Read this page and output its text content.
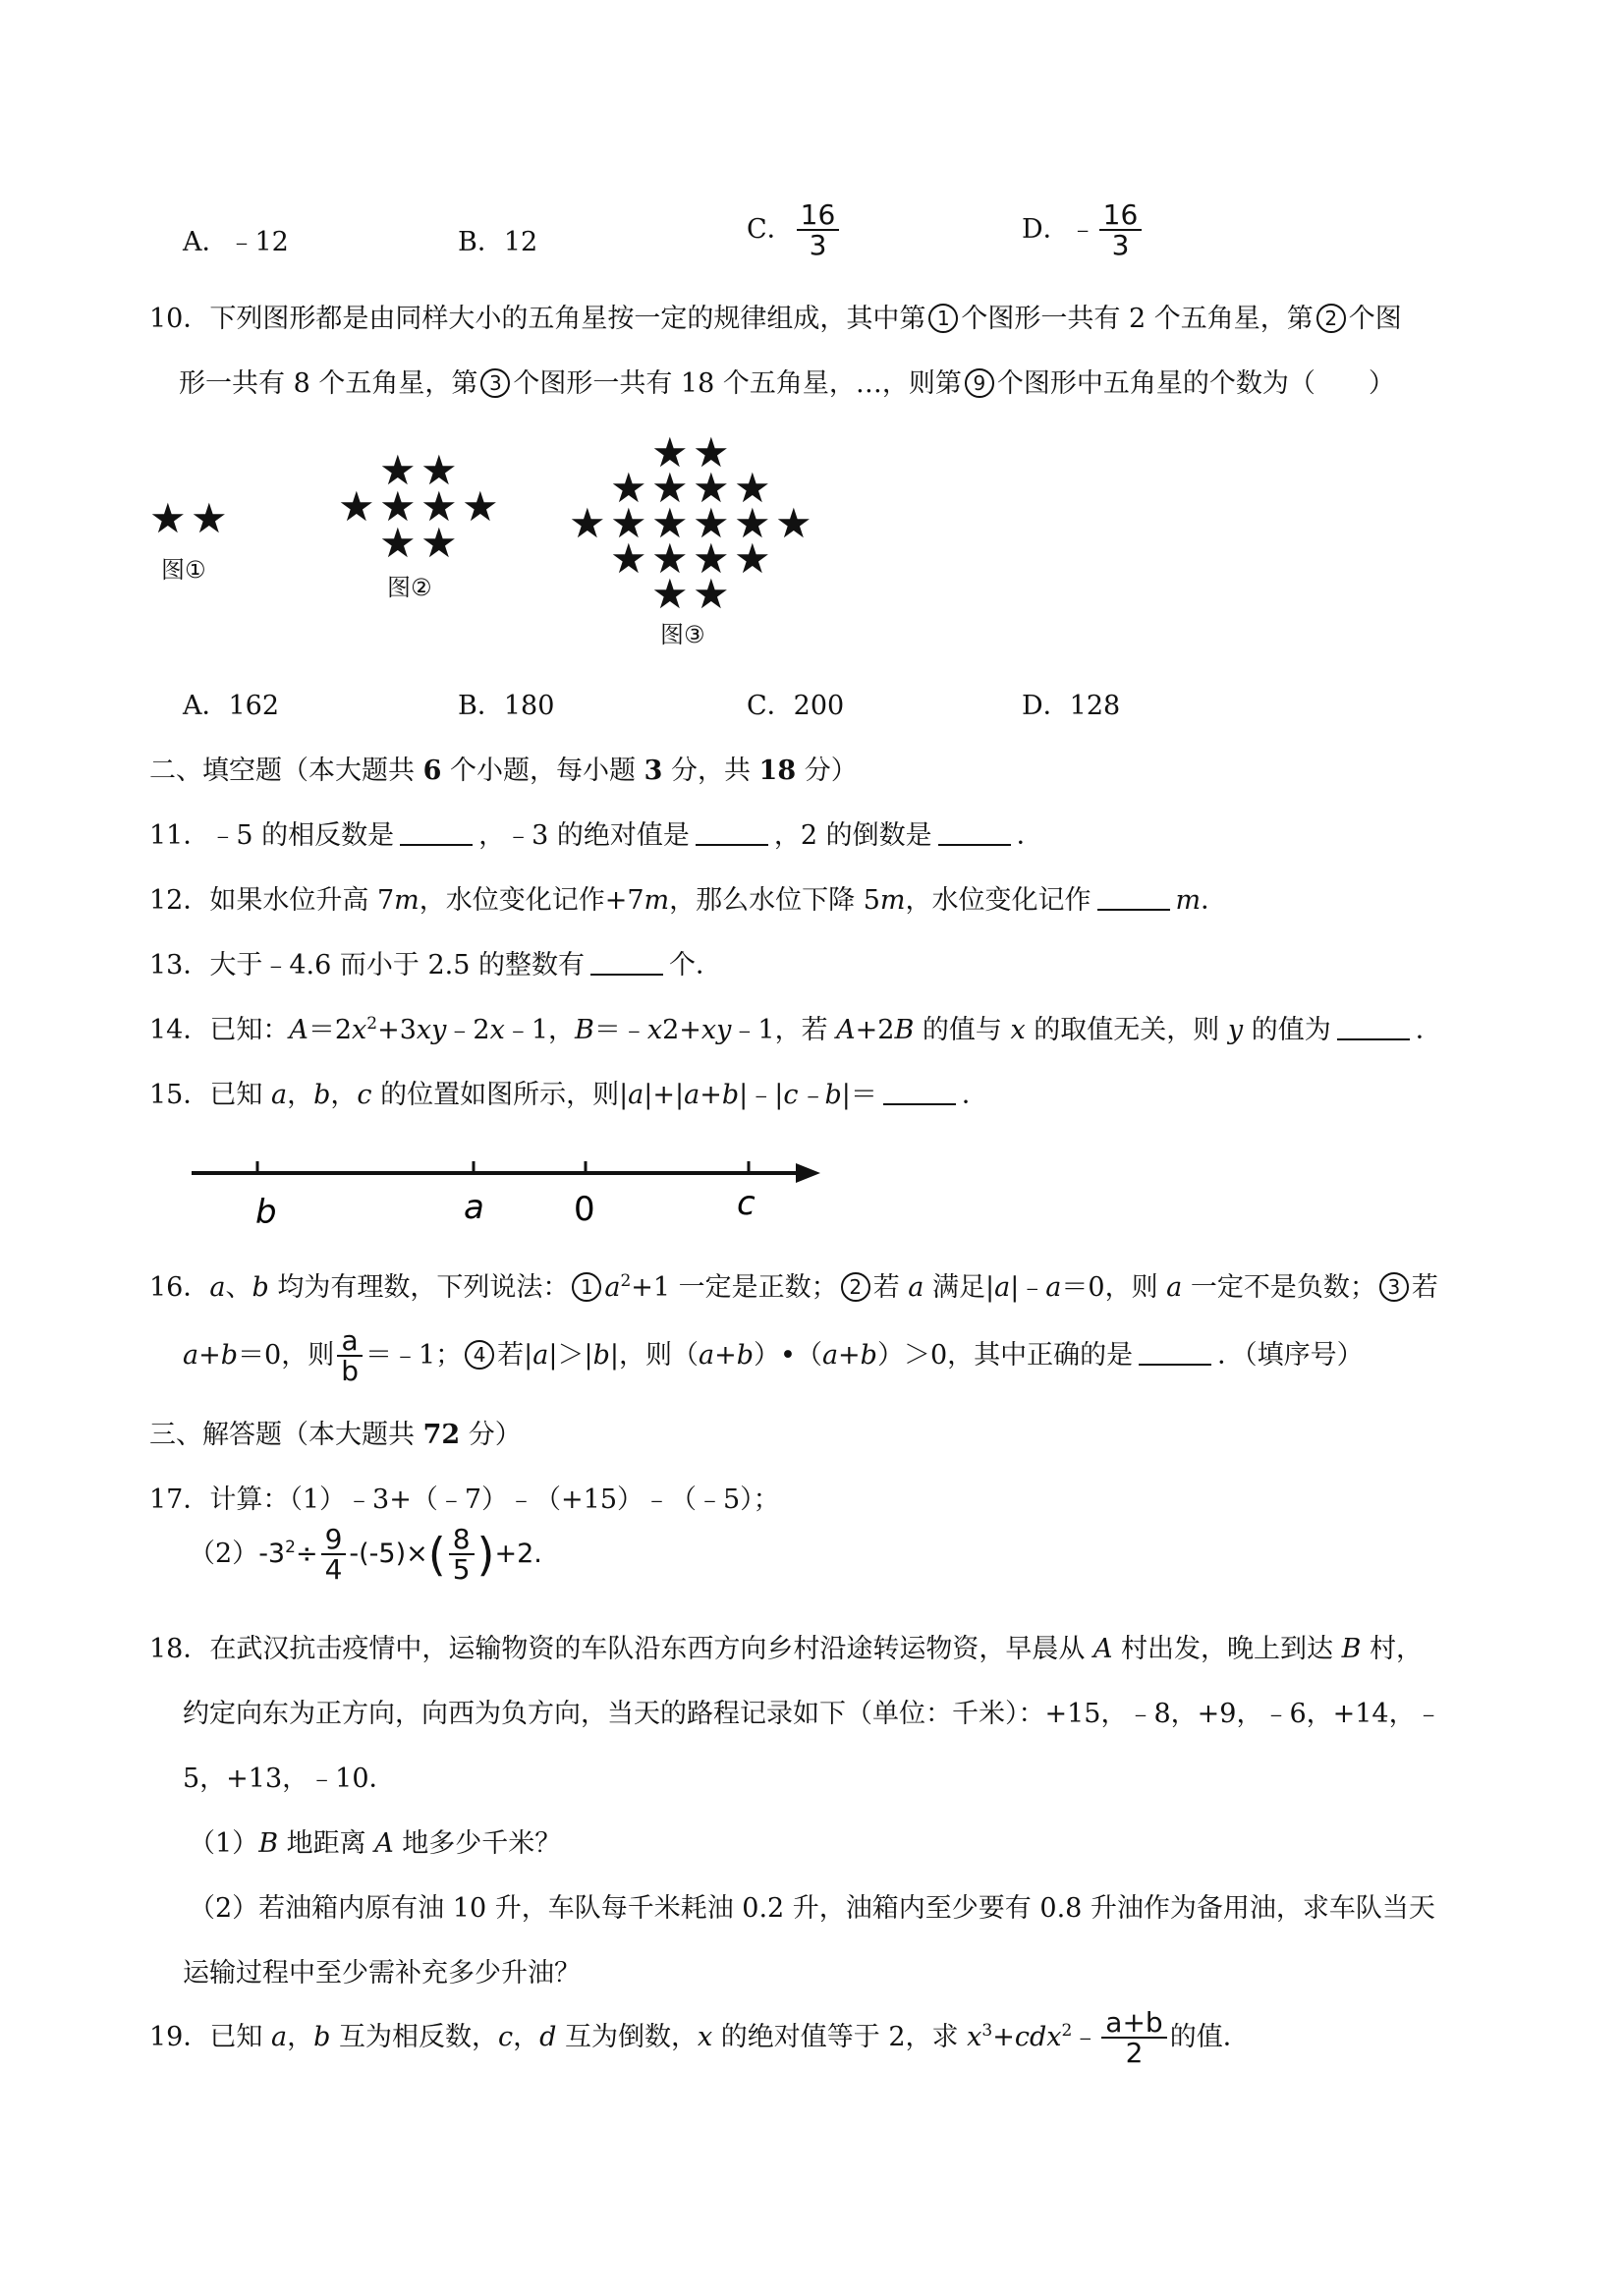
A．﹣12	B．12	C． $\frac{16}{3}$	D．﹣ $\frac{16}{3}$
10．下列图形都是由同样大小的五角星按一定的规律组成，其中第 1 个图形一共有 2 个五角星，第 2 个图
形一共有 8 个五角星，第 3 个图形一共有 18 个五角星，…，则第 9 个图形中五角星的个数为（　　）
★ ★
图①
★ ★
★ ★ ★ ★
★ ★
图②
★ ★
★ ★ ★ ★
★ ★ ★ ★ ★ ★
★ ★ ★ ★
★ ★
图③
A．162	B．180	C．200	D．128
二、填空题（本大题共 6 个小题，每小题 3 分，共 18 分）
11．﹣5 的相反数是	，﹣3 的绝对值是	，2 的倒数是	．
12．如果水位升高 7m，水位变化记作+7m，那么水位下降 5m，水位变化记作	m．
13．大于﹣4.6 而小于 2.5 的整数有	个．
14．已知：$A=2x^2+3xy﹣2x﹣1$，B＝﹣x2+xy﹣1，若 A+2B 的值与 x 的取值无关，则 y 的值为	．
15．已知 a，b，c 的位置如图所示，则|a|+|a+b|﹣|c﹣b|＝	．
b	a	0	c
16．a、b 均为有理数，下列说法： 1 $a^2+1$ 一定是正数； 2 若 a 满足|a|﹣a＝0，则 a 一定不是负数； 3 若
a+b＝0，则 $\frac{a}{b}$ ＝﹣1； 4 若|a|＞|b|，则（a+b）•（a+b）＞0，其中正确的是	．（填序号）
三、解答题（本大题共 72 分）
17．计算：（1）﹣3+（﹣7）﹣（+15）﹣（﹣5）；
$(2)-3^2\div \frac{9}{4} -(-5)\times( \frac{8}{5} )+2$.
18．在武汉抗击疫情中，运输物资的车队沿东西方向乡村沿途转运物资，早晨从 A 村出发，晚上到达 B 村，
约定向东为正方向，向西为负方向，当天的路程记录如下（单位：千米）：+15，﹣8，+9，﹣6，+14，﹣
5，+13，﹣10．
（1）B 地距离 A 地多少千米？
（2）若油箱内原有油 10 升，车队每千米耗油 0.2 升，油箱内至少要有 0.8 升油作为备用油，求车队当天
运输过程中至少需补充多少升油？
19．已知 a，b 互为相反数，c，d 互为倒数，x 的绝对值等于 2，求 $x^3+cdx^2﹣ \frac{a+b}{2}$ 的值．
